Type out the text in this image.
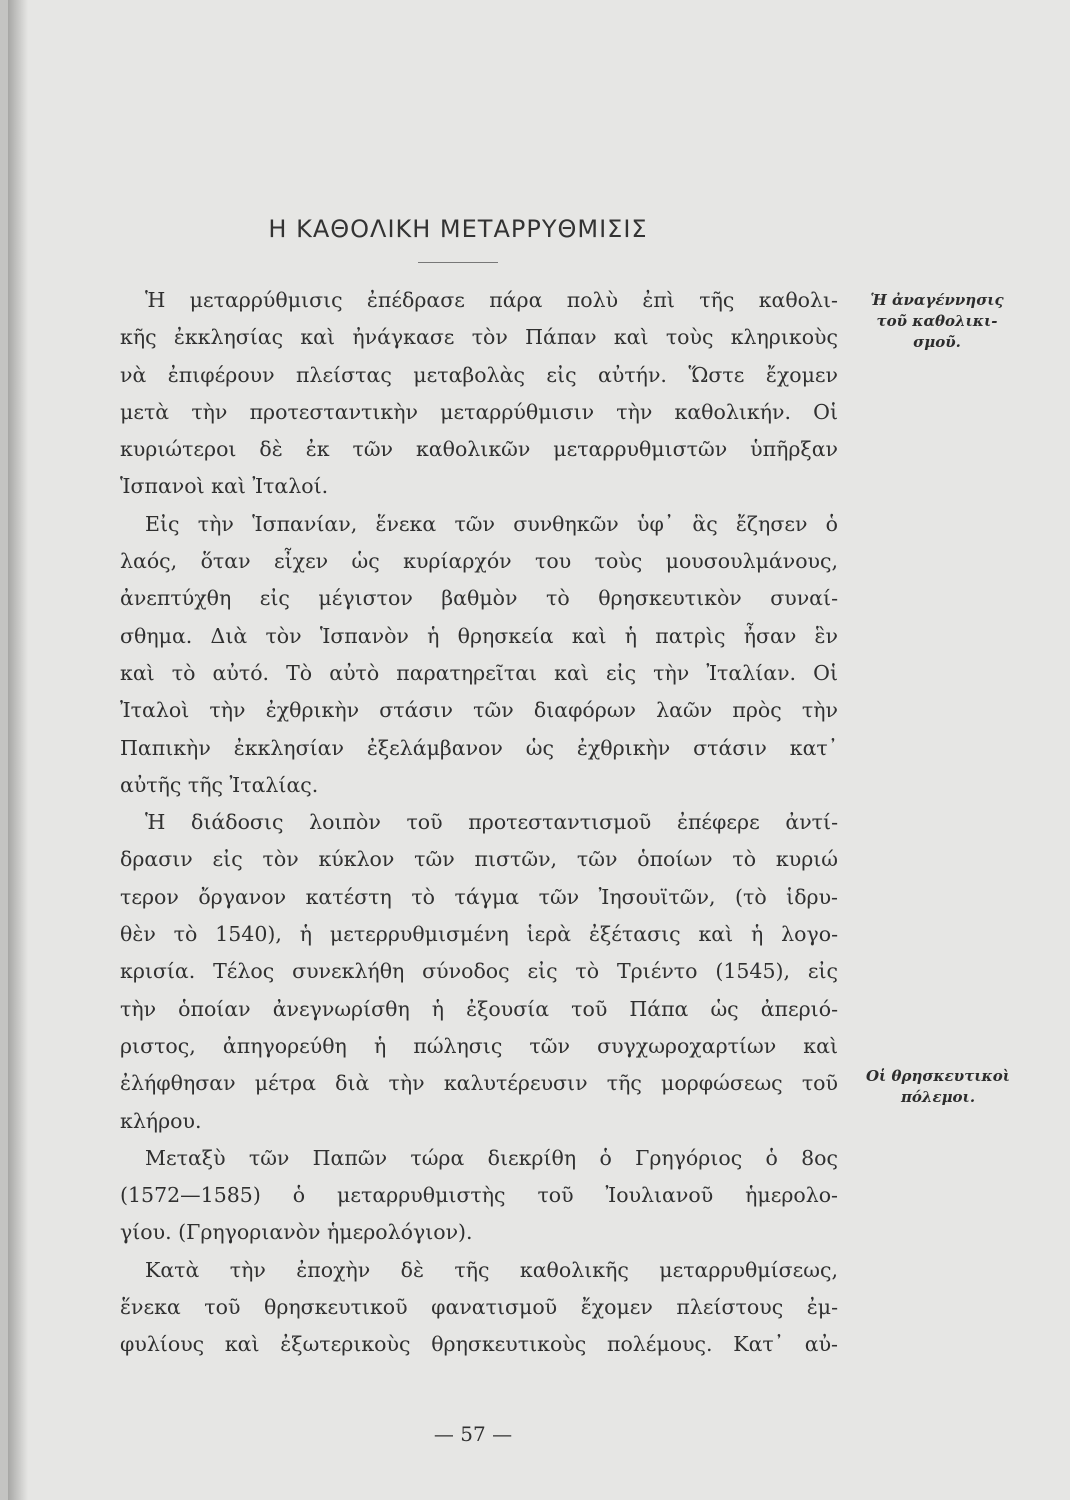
Η ΚΑΘΟΛΙΚΗ ΜΕΤΑΡΡΥΘΜΙΣΙΣ
Ἡ μεταρρύθμισις ἐπέδρασε πάρα πολὺ ἐπὶ τῆς καθολι-
κῆς ἐκκλησίας καὶ ἠνάγκασε τὸν Πάπαν καὶ τοὺς κληρικοὺς
νὰ ἐπιφέρουν πλείστας μεταβολὰς εἰς αὐτήν. Ὥστε ἔχομεν
μετὰ τὴν προτεσταντικὴν μεταρρύθμισιν τὴν καθολικήν. Οἱ
κυριώτεροι δὲ ἐκ τῶν καθολικῶν μεταρρυθμιστῶν ὑπῆρξαν
Ἱσπανοὶ καὶ Ἰταλοί.
Εἰς τὴν Ἱσπανίαν, ἕνεκα τῶν συνθηκῶν ὑφ᾽ ἃς ἔζησεν ὁ
λαός, ὅταν εἶχεν ὡς κυρίαρχόν του τοὺς μουσουλμάνους,
ἀνεπτύχθη εἰς μέγιστον βαθμὸν τὸ θρησκευτικὸν συναί-
σθημα. Διὰ τὸν Ἱσπανὸν ἡ θρησκεία καὶ ἡ πατρὶς ἦσαν ἓν
καὶ τὸ αὐτό. Τὸ αὐτὸ παρατηρεῖται καὶ εἰς τὴν Ἰταλίαν. Οἱ
Ἰταλοὶ τὴν ἐχθρικὴν στάσιν τῶν διαφόρων λαῶν πρὸς τὴν
Παπικὴν ἐκκλησίαν ἐξελάμβανον ὡς ἐχθρικὴν στάσιν κατ᾽
αὐτῆς τῆς Ἰταλίας.
Ἡ διάδοσις λοιπὸν τοῦ προτεσταντισμοῦ ἐπέφερε ἀντί-
δρασιν εἰς τὸν κύκλον τῶν πιστῶν, τῶν ὁποίων τὸ κυριώ
τερον ὄργανον κατέστη τὸ τάγμα τῶν Ἰησουϊτῶν, (τὸ ἱδρυ-
θὲν τὸ 1540), ἡ μετερρυθμισμένη ἱερὰ ἐξέτασις καὶ ἡ λογο-
κρισία. Τέλος συνεκλήθη σύνοδος εἰς τὸ Τριέντο (1545), εἰς
τὴν ὁποίαν ἀνεγνωρίσθη ἡ ἐξουσία τοῦ Πάπα ὡς ἀπεριό-
ριστος, ἀπηγορεύθη ἡ πώλησις τῶν συγχωροχαρτίων καὶ
ἐλήφθησαν μέτρα διὰ τὴν καλυτέρευσιν τῆς μορφώσεως τοῦ
κλήρου.
Μεταξὺ τῶν Παπῶν τώρα διεκρίθη ὁ Γρηγόριος ὁ 8ος
(1572—1585) ὁ μεταρρυθμιστὴς τοῦ Ἰουλιανοῦ ἡμερολο-
γίου. (Γρηγοριανὸν ἡμερολόγιον).
Κατὰ τὴν ἐποχὴν δὲ τῆς καθολικῆς μεταρρυθμίσεως,
ἕνεκα τοῦ θρησκευτικοῦ φανατισμοῦ ἔχομεν πλείστους ἐμ-
φυλίους καὶ ἐξωτερικοὺς θρησκευτικοὺς πολέμους. Κατ᾽ αὐ-
Ἡ ἀναγέννησις
τοῦ καθολικι-
σμοῦ.
Οἱ θρησκευτικοὶ
πόλεμοι.
— 57 —
